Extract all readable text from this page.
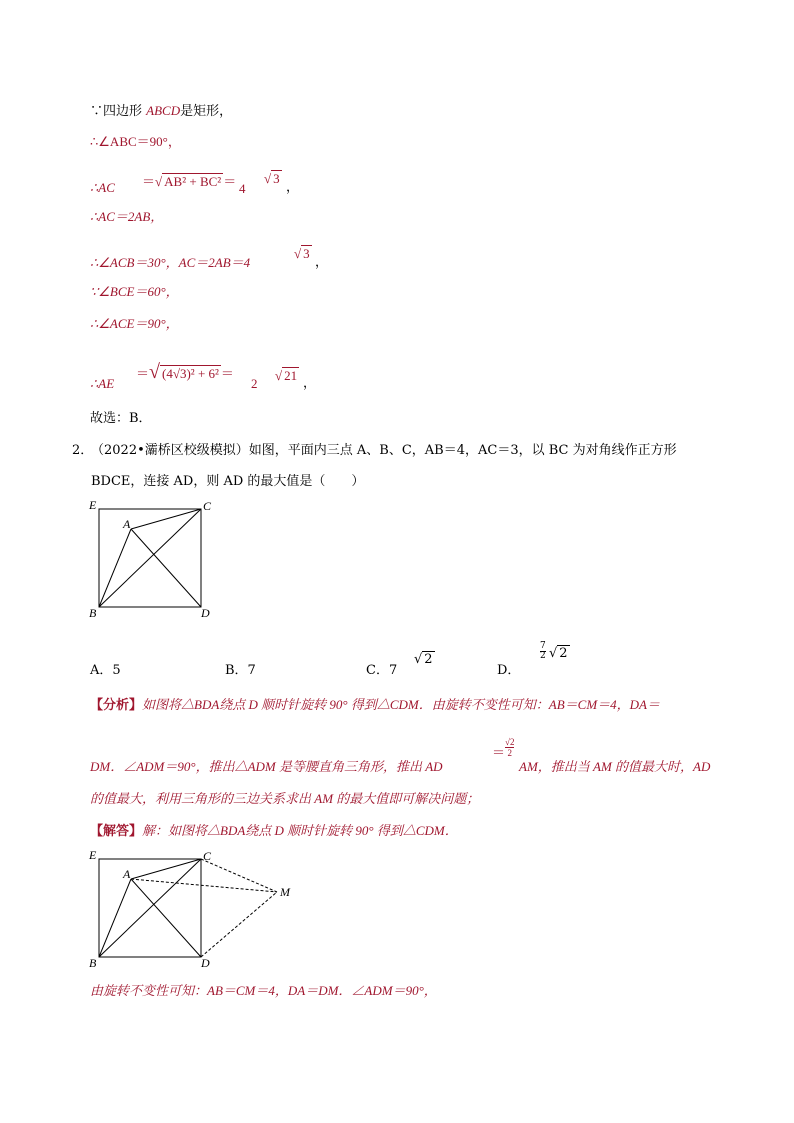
∵四边形 ABCD是矩形，
∴∠ABC＝90°，
∴AC ＝√ AB² + BC² ＝ 4
√ 3
，
∴AC＝2AB，
∴∠ACB＝30°，AC＝2AB＝4
√ 3
，
∵∠BCE＝60°，
∴∠ACE＝90°，
∴AE
＝√ (4√3)² + 6² ＝
2
√ 21
，
故选：B．
2．
（2022•灞桥区校级模拟）如图，平面内三点 A、B、C，AB＝4，AC＝3，以 BC 为对角线作正方形
BDCE，连接 AD，则 AD 的最大值是（　　）
E	C
A
B	D
A．5	B．7	C．7
√ 2
D．
$\frac{7}{2}$ √ 2
【分析】如图将△BDA绕点 D 顺时针旋转 90° 得到△CDM．由旋转不变性可知：AB＝CM＝4，DA＝
DM．∠ADM＝90°，推出△ADM 是等腰直角三角形，推出 AD
＝ $\frac{√2}{2}$
AM，推出当 AM 的值最大时，AD
的值最大，利用三角形的三边关系求出 AM 的最大值即可解决问题；
【解答】解：如图将△BDA绕点 D 顺时针旋转 90° 得到△CDM．
E	C
A
B	D
M
由旋转不变性可知：AB＝CM＝4，DA＝DM．∠ADM＝90°，
